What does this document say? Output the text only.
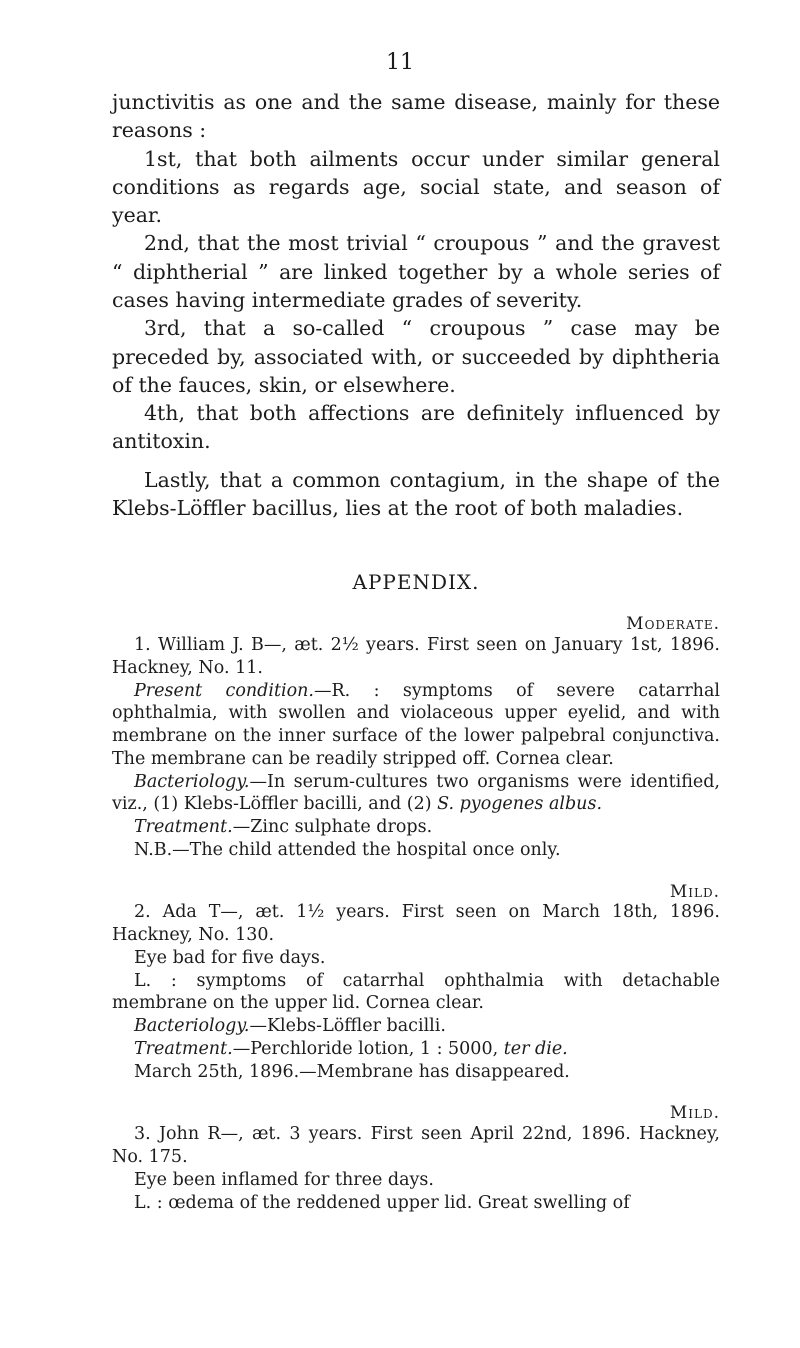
11

junctivitis as one and the same disease, mainly for these reasons :

1st, that both ailments occur under similar general conditions as regards age, social state, and season of year.

2nd, that the most trivial “ croupous ” and the gravest “ diphtherial ” are linked together by a whole series of cases having intermediate grades of severity.

3rd, that a so-called “ croupous ” case may be preceded by, associated with, or succeeded by diphtheria of the fauces, skin, or elsewhere.

4th, that both affections are definitely influenced by antitoxin.

Lastly, that a common contagium, in the shape of the Klebs-Löffler bacillus, lies at the root of both maladies.

APPENDIX.
Moderate.

1. William J. B—, æt. 2½ years. First seen on January 1st, 1896. Hackney, No. 11.

Present condition.—R. : symptoms of severe catarrhal ophthalmia, with swollen and violaceous upper eyelid, and with membrane on the inner surface of the lower palpebral conjunctiva. The membrane can be readily stripped off. Cornea clear.

Bacteriology.—In serum-cultures two organisms were identified, viz., (1) Klebs-Löffler bacilli, and (2) S. pyogenes albus.

Treatment.—Zinc sulphate drops.

N.B.—The child attended the hospital once only.

Mild.

2. Ada T—, æt. 1½ years. First seen on March 18th, 1896. Hackney, No. 130.

Eye bad for five days.

L. : symptoms of catarrhal ophthalmia with detachable membrane on the upper lid. Cornea clear.

Bacteriology.—Klebs-Löffler bacilli.

Treatment.—Perchloride lotion, 1 : 5000, ter die.

March 25th, 1896.—Membrane has disappeared.

Mild.

3. John R—, æt. 3 years. First seen April 22nd, 1896. Hackney, No. 175.

Eye been inflamed for three days.

L. : œdema of the reddened upper lid. Great swelling of
